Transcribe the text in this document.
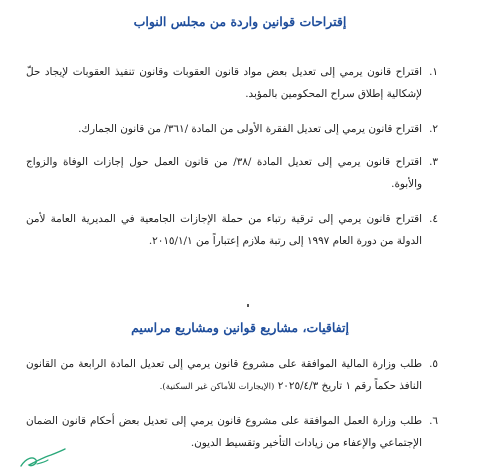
إقتراحات قوانين واردة من مجلس النواب
١.
اقتراح قانون يرمي إلى تعديل بعض مواد قانون العقوبات وقانون تنفيذ العقوبات لإيجاد حلّ لإشكالية إطلاق سراح المحكومين بالمؤبد.
٢.
اقتراح قانون يرمي إلى تعديل الفقرة الأولى من المادة /٣٦١/ من قانون الجمارك.
٣.
اقتراح قانون يرمي إلى تعديل المادة /٣٨/ من قانون العمل حول إجازات الوفاة والزواج والأبوة.
٤.
اقتراح قانون يرمي إلى ترقية رتباء من حملة الإجازات الجامعية في المديرية العامة لأمن الدولة من دورة العام ١٩٩٧ إلى رتبة ملازم إعتباراً من ٢٠١٥/١/١.
إتفاقيات، مشاريع قوانين ومشاريع مراسيم
٥.
طلب وزارة المالية الموافقة على مشروع قانون يرمي إلى تعديل المادة الرابعة من القانون النافذ حكماً رقم ١ تاريخ ٢٠٢٥/٤/٣ (الإيجارات للأماكن غير السكنية).
٦.
طلب وزارة العمل الموافقة على مشروع قانون يرمي إلى تعديل بعض أحكام قانون الضمان الإجتماعي والإعفاء من زيادات التأخير وتقسيط الديون.
